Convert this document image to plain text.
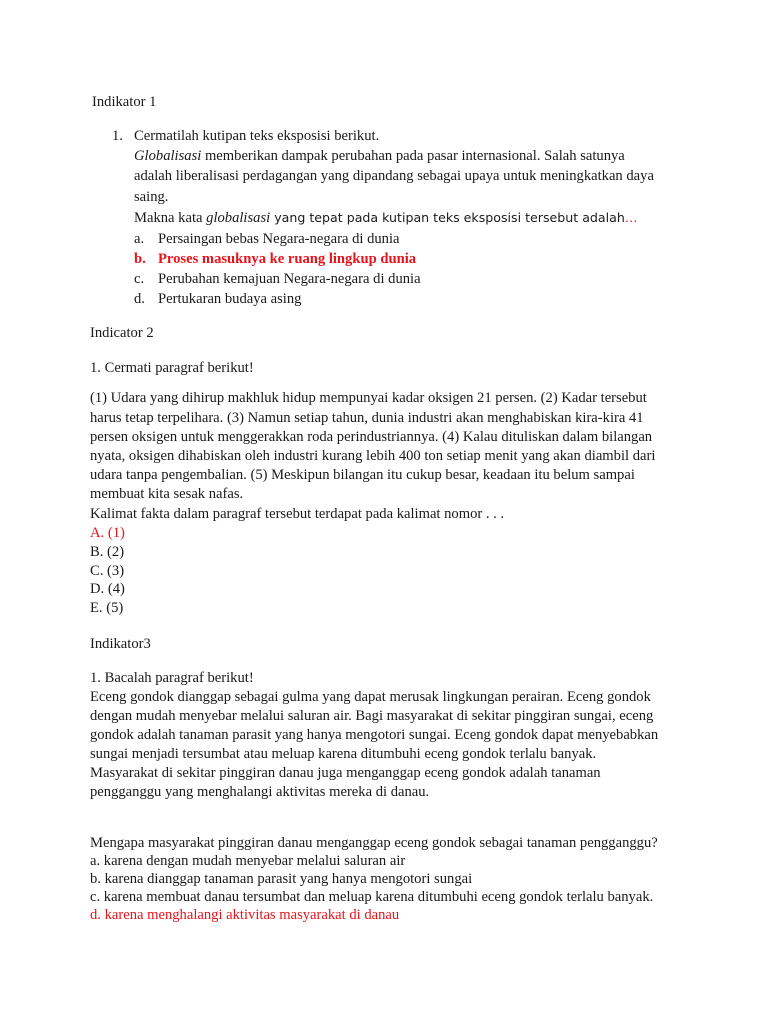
Indikator 1
1. Cermatilah kutipan teks eksposisi berikut.
Globalisasi memberikan dampak perubahan pada pasar internasional. Salah satunya
adalah liberalisasi perdagangan yang dipandang sebagai upaya untuk meningkatkan daya
saing.
Makna kata globalisasi yang tepat pada kutipan teks eksposisi tersebut adalah…
a. Persaingan bebas Negara-negara di dunia
b. Proses masuknya ke ruang lingkup dunia
c. Perubahan kemajuan Negara-negara di dunia
d. Pertukaran budaya asing
Indicator 2
1. Cermati paragraf berikut!
(1) Udara yang dihirup makhluk hidup mempunyai kadar oksigen 21 persen. (2) Kadar tersebut
harus tetap terpelihara. (3) Namun setiap tahun, dunia industri akan menghabiskan kira-kira 41
persen oksigen untuk menggerakkan roda perindustriannya. (4) Kalau dituliskan dalam bilangan
nyata, oksigen dihabiskan oleh industri kurang lebih 400 ton setiap menit yang akan diambil dari
udara tanpa pengembalian. (5) Meskipun bilangan itu cukup besar, keadaan itu belum sampai
membuat kita sesak nafas.
Kalimat fakta dalam paragraf tersebut terdapat pada kalimat nomor . . .
A. (1)
B. (2)
C. (3)
D. (4)
E. (5)
Indikator3
1. Bacalah paragraf berikut!
Eceng gondok dianggap sebagai gulma yang dapat merusak lingkungan perairan. Eceng gondok
dengan mudah menyebar melalui saluran air. Bagi masyarakat di sekitar pinggiran sungai, eceng
gondok adalah tanaman parasit yang hanya mengotori sungai. Eceng gondok dapat menyebabkan
sungai menjadi tersumbat atau meluap karena ditumbuhi eceng gondok terlalu banyak.
Masyarakat di sekitar pinggiran danau juga menganggap eceng gondok adalah tanaman
pengganggu yang menghalangi aktivitas mereka di danau.
Mengapa masyarakat pinggiran danau menganggap eceng gondok sebagai tanaman pengganggu?
a. karena dengan mudah menyebar melalui saluran air
b. karena dianggap tanaman parasit yang hanya mengotori sungai
c. karena membuat danau tersumbat dan meluap karena ditumbuhi eceng gondok terlalu banyak.
d. karena menghalangi aktivitas masyarakat di danau
